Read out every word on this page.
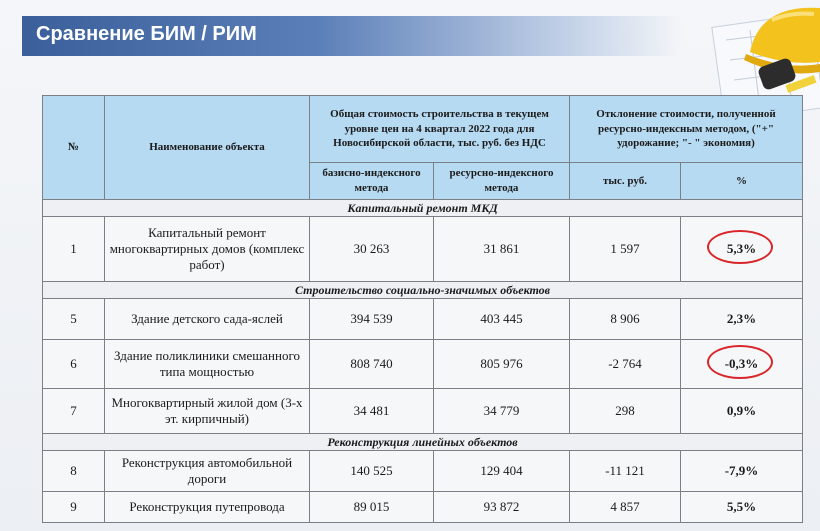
Сравнение БИМ / РИМ
№	Наименование объекта	Общая стоимость строительства в текущем уровне цен на 4 квартал 2022 года для Новосибирской области, тыс. руб. без НДС		Отклонение стоимости, полученной ресурсно-индексным методом, ("+" удорожание; "- " экономия)	
		базисно-индексного метода	ресурсно-индексного метода	тыс. руб.	%
Капитальный ремонт МКД					
1	Капитальный ремонт многоквартирных домов (комплекс работ)	30 263	31 861	1 597	5,3%

Строительство социально-значимых объектов					
5	Здание детского сада-яслей	394 539	403 445	8 906	2,3%
6	Здание поликлиники смешанного типа мощностью	808 740	805 976	-2 764	-0,3%

7	Многоквартирный жилой дом (3-х эт. кирпичный)	34 481	34 779	298	0,9%
Реконструкция линейных объектов					
8	Реконструкция автомобильной дороги	140 525	129 404	-11 121	-7,9%
9	Реконструкция путепровода	89 015	93 872	4 857	5,5%
